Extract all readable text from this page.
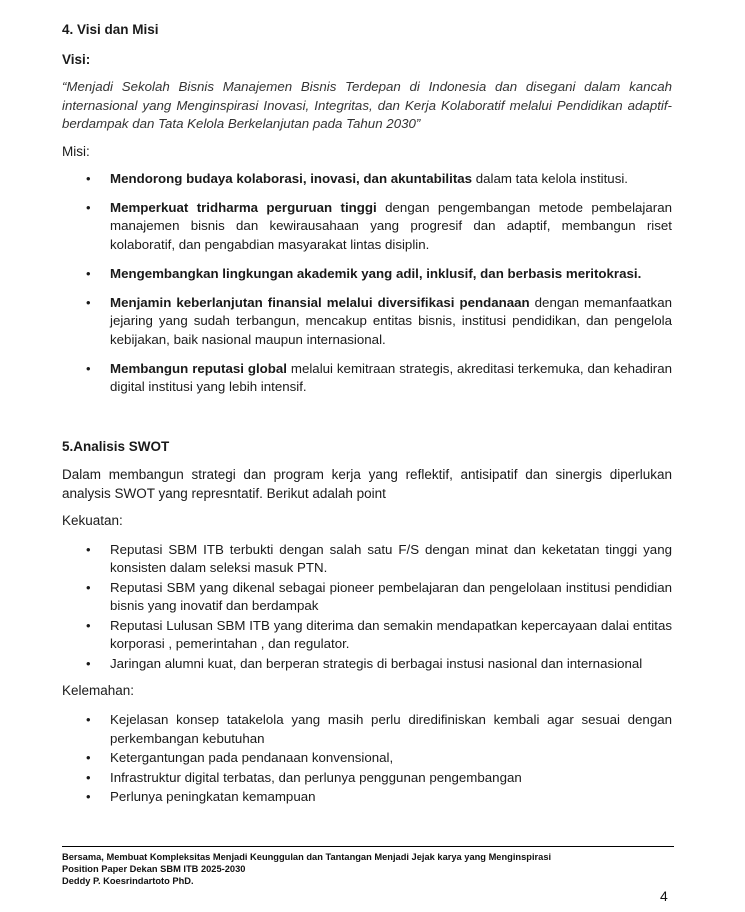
4. Visi dan Misi

Visi:

“Menjadi Sekolah Bisnis Manajemen Bisnis Terdepan di Indonesia dan disegani dalam kancah internasional yang Menginspirasi Inovasi, Integritas, dan Kerja Kolaboratif melalui Pendidikan adaptif-berdampak dan Tata Kelola Berkelanjutan pada Tahun 2030”

Misi:

• Mendorong budaya kolaborasi, inovasi, dan akuntabilitas dalam tata kelola institusi.
• Memperkuat tridharma perguruan tinggi dengan pengembangan metode pembelajaran manajemen bisnis dan kewirausahaan yang progresif dan adaptif, membangun riset kolaboratif, dan pengabdian masyarakat lintas disiplin.
• Mengembangkan lingkungan akademik yang adil, inklusif, dan berbasis meritokrasi.
• Menjamin keberlanjutan finansial melalui diversifikasi pendanaan dengan memanfaatkan jejaring yang sudah terbangun, mencakup entitas bisnis, institusi pendidikan, dan pengelola kebijakan, baik nasional maupun internasional.
• Membangun reputasi global melalui kemitraan strategis, akreditasi terkemuka, dan kehadiran digital institusi yang lebih intensif.

5.Analisis SWOT

Dalam membangun strategi dan program kerja yang reflektif, antisipatif dan sinergis diperlukan analysis SWOT yang represntatif. Berikut adalah point

Kekuatan:

• Reputasi SBM ITB terbukti dengan salah satu F/S dengan minat dan keketatan tinggi yang konsisten dalam seleksi masuk PTN.
• Reputasi SBM yang dikenal sebagai pioneer pembelajaran dan pengelolaan institusi pendidian bisnis yang inovatif dan berdampak
• Reputasi Lulusan SBM ITB yang diterima dan semakin mendapatkan kepercayaan dalai entitas korporasi , pemerintahan , dan regulator.
• Jaringan alumni kuat, dan berperan strategis di berbagai instusi nasional dan internasional

Kelemahan:

• Kejelasan konsep tatakelola yang masih perlu diredifiniskan kembali agar sesuai dengan perkembangan kebutuhan
• Ketergantungan pada pendanaan konvensional,
• Infrastruktur digital terbatas, dan perlunya penggunan pengembangan
• Perlunya peningkatan kemampuan
Bersama, Membuat Kompleksitas Menjadi Keunggulan dan Tantangan Menjadi Jejak karya yang Menginspirasi
Position Paper Dekan SBM ITB 2025-2030
Deddy P. Koesrindartoto PhD.
4
